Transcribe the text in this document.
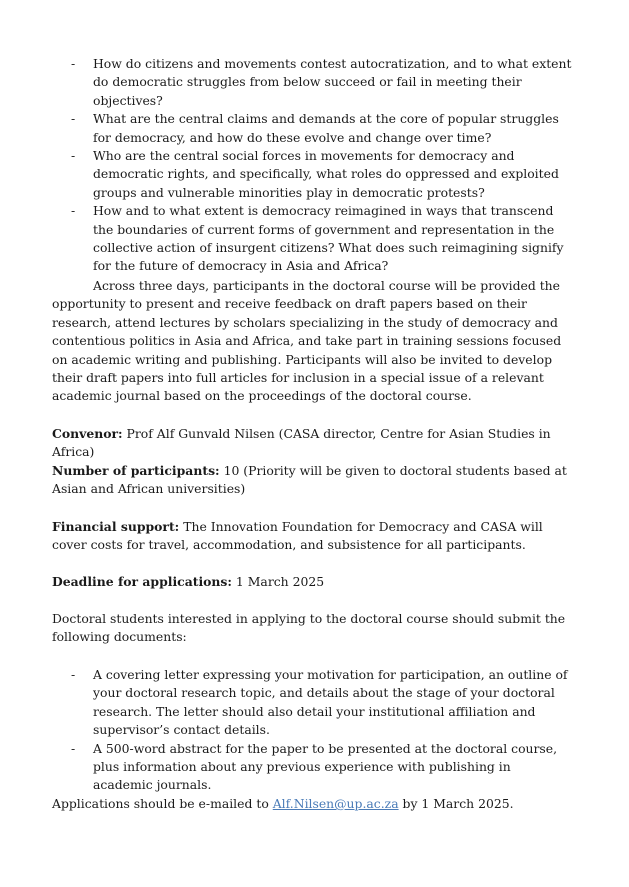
- How do citizens and movements contest autocratization, and to what extent do democratic struggles from below succeed or fail in meeting their objectives?
- What are the central claims and demands at the core of popular struggles for democracy, and how do these evolve and change over time?
- Who are the central social forces in movements for democracy and democratic rights, and specifically, what roles do oppressed and exploited groups and vulnerable minorities play in democratic protests?
- How and to what extent is democracy reimagined in ways that transcend the boundaries of current forms of government and representation in the collective action of insurgent citizens? What does such reimagining signify for the future of democracy in Asia and Africa?

Across three days, participants in the doctoral course will be provided the opportunity to present and receive feedback on draft papers based on their research, attend lectures by scholars specializing in the study of democracy and contentious politics in Asia and Africa, and take part in training sessions focused on academic writing and publishing. Participants will also be invited to develop their draft papers into full articles for inclusion in a special issue of a relevant academic journal based on the proceedings of the doctoral course.

Convenor: Prof Alf Gunvald Nilsen (CASA director, Centre for Asian Studies in Africa)

Number of participants: 10 (Priority will be given to doctoral students based at Asian and African universities)

Financial support: The Innovation Foundation for Democracy and CASA will cover costs for travel, accommodation, and subsistence for all participants.

Deadline for applications: 1 March 2025

Doctoral students interested in applying to the doctoral course should submit the following documents:

- A covering letter expressing your motivation for participation, an outline of your doctoral research topic, and details about the stage of your doctoral research. The letter should also detail your institutional affiliation and supervisor’s contact details.
- A 500-word abstract for the paper to be presented at the doctoral course, plus information about any previous experience with publishing in academic journals.

Applications should be e-mailed to Alf.Nilsen@up.ac.za by 1 March 2025.
